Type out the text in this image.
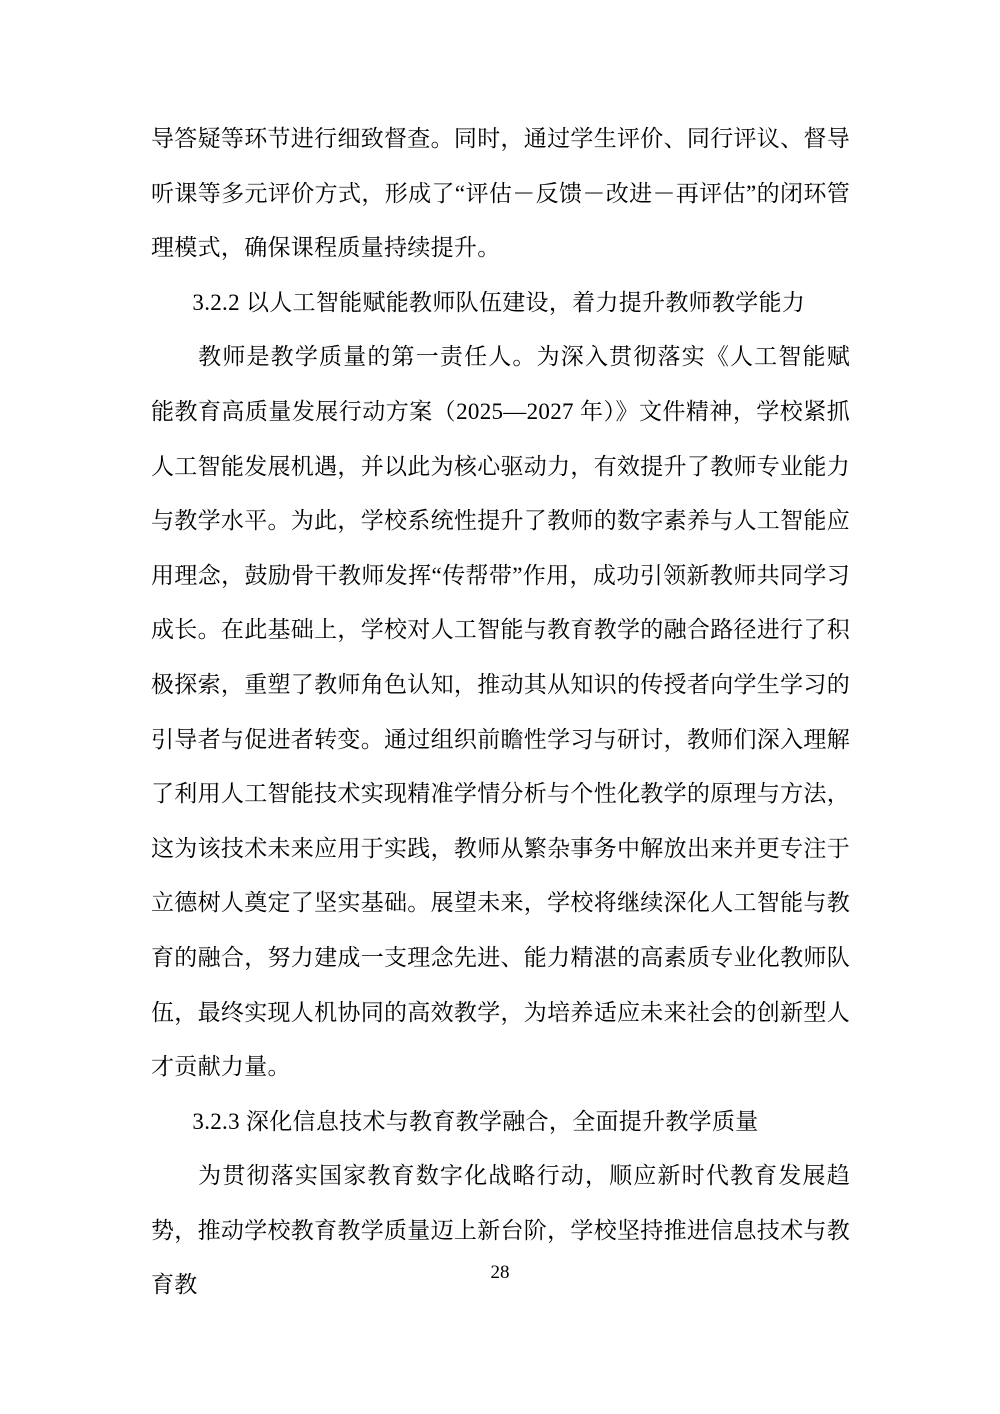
导答疑等环节进行细致督查。同时，通过学生评价、同行评议、督导听课等多元评价方式，形成了“评估－反馈－改进－再评估”的闭环管理模式，确保课程质量持续提升。

3.2.2 以人工智能赋能教师队伍建设，着力提升教师教学能力

教师是教学质量的第一责任人。为深入贯彻落实《人工智能赋能教育高质量发展行动方案（2025—2027 年）》文件精神，学校紧抓人工智能发展机遇，并以此为核心驱动力，有效提升了教师专业能力与教学水平。为此，学校系统性提升了教师的数字素养与人工智能应用理念，鼓励骨干教师发挥“传帮带”作用，成功引领新教师共同学习成长。在此基础上，学校对人工智能与教育教学的融合路径进行了积极探索，重塑了教师角色认知，推动其从知识的传授者向学生学习的引导者与促进者转变。通过组织前瞻性学习与研讨，教师们深入理解了利用人工智能技术实现精准学情分析与个性化教学的原理与方法，这为该技术未来应用于实践，教师从繁杂事务中解放出来并更专注于立德树人奠定了坚实基础。展望未来，学校将继续深化人工智能与教育的融合，努力建成一支理念先进、能力精湛的高素质专业化教师队伍，最终实现人机协同的高效教学，为培养适应未来社会的创新型人才贡献力量。

3.2.3 深化信息技术与教育教学融合，全面提升教学质量

为贯彻落实国家教育数字化战略行动，顺应新时代教育发展趋势，推动学校教育教学质量迈上新台阶，学校坚持推进信息技术与教育教	28
